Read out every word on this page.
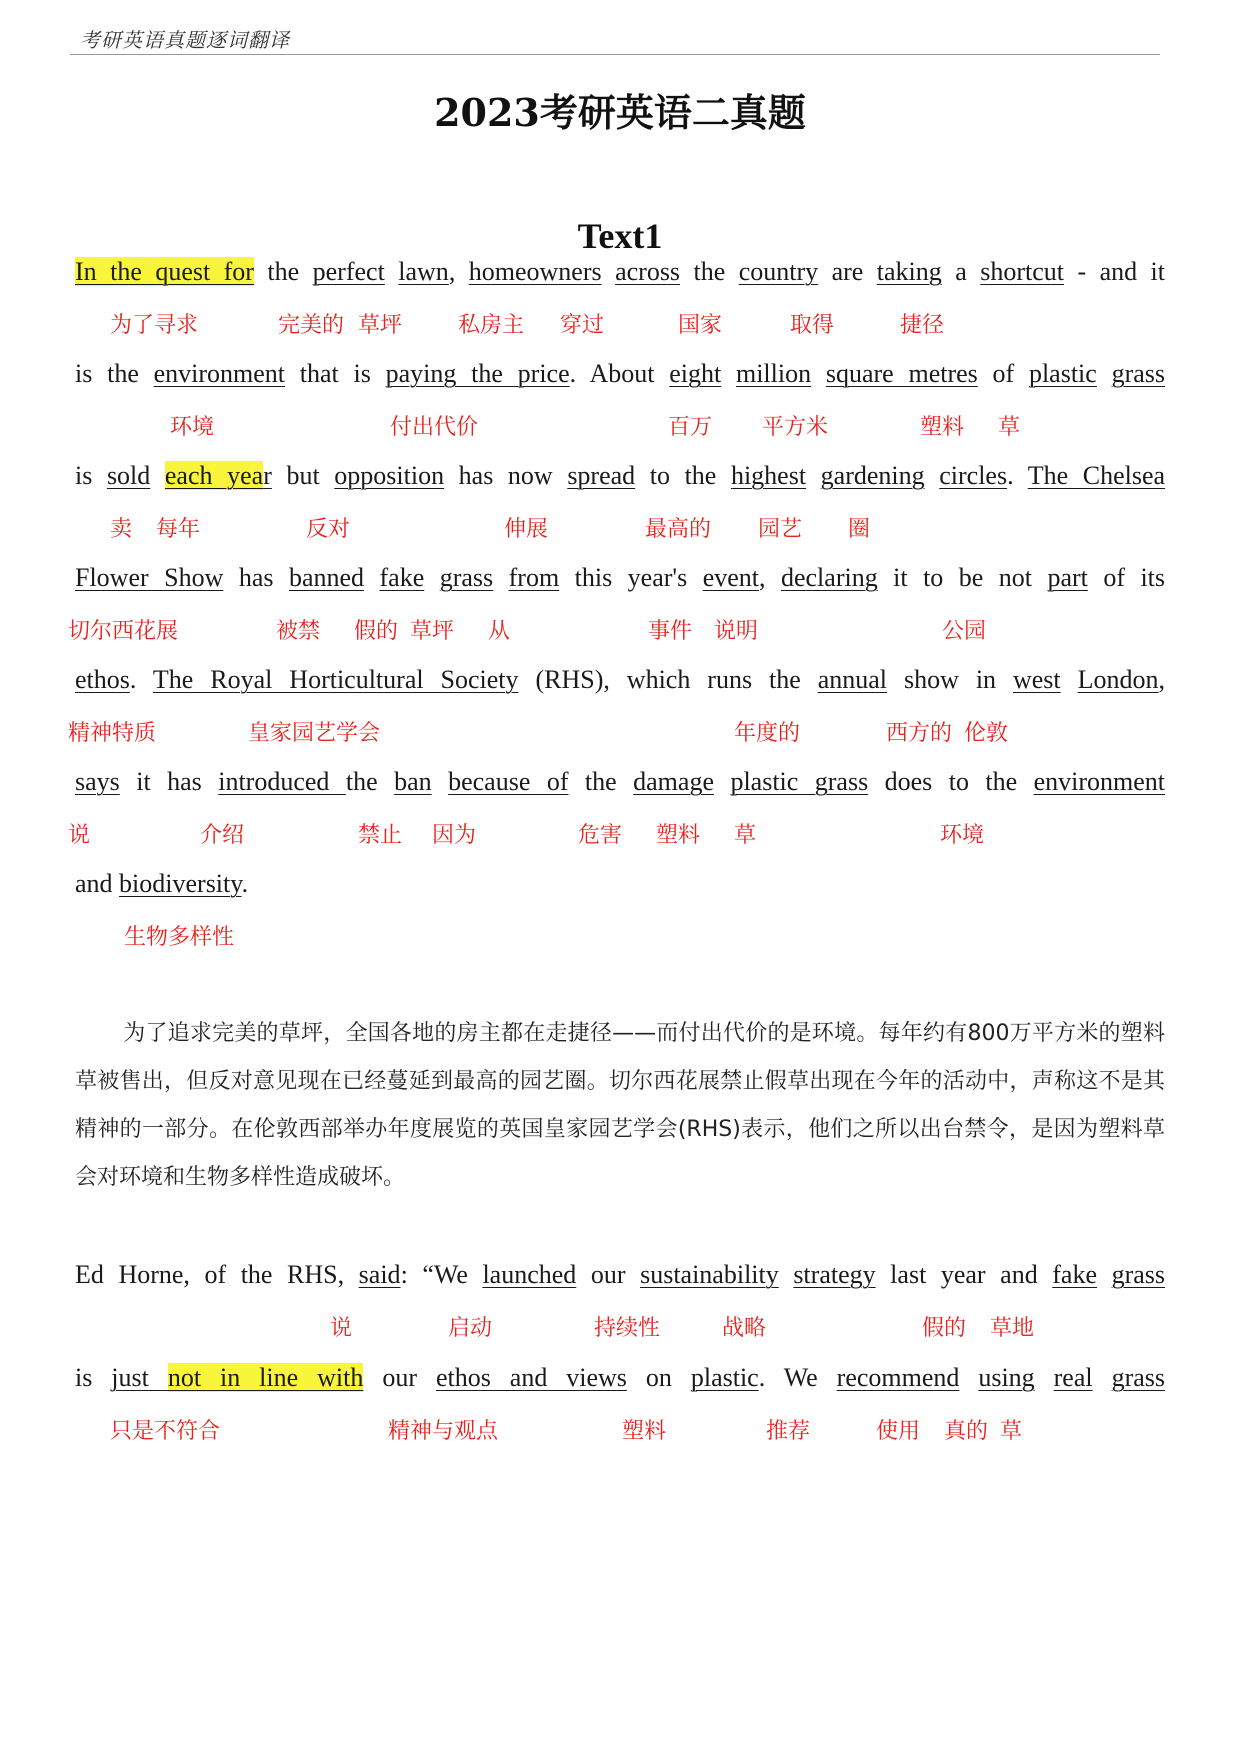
考研英语真题逐词翻译
2023考研英语二真题
Text1
In the quest for the perfect lawn, homeowners across the country are taking a shortcut - and it
is the environment that is paying the price. About eight million square metres of plastic grass
is sold each year but opposition has now spread to the highest gardening circles. The Chelsea
Flower Show has banned fake grass from this year's event, declaring it to be not part of its
ethos. The Royal Horticultural Society (RHS), which runs the annual show in west London,
says it has introduced the ban because of the damage plastic grass does to the environment
and biodiversity.
Ed Horne, of the RHS, said: “We launched our sustainability strategy last year and fake grass
is just not in line with our ethos and views on plastic. We recommend using real grass
为了寻求	完美的 草坪	私房主 穿过	国家	取得	捷径
环境	付出代价	百万 平方米	塑料 草
卖 每年	反对	伸展	最高的 园艺 圈
切尔西花展	被禁 假的 草坪 从	事件 说明	公园
精神特质	皇家园艺学会	年度的	西方的 伦敦
说	介绍	禁止 因为	危害 塑料 草	环境
生物多样性
说	启动	持续性	战略	假的 草地
只是不符合	精神与观点	塑料	推荐	使用 真的 草
为了追求完美的草坪，全国各地的房主都在走捷径——而付出代价的是环境。每年约有800万平方米的塑料草被售出，但反对意见现在已经蔓延到最高的园艺圈。切尔西花展禁止假草出现在今年的活动中，声称这不是其精神的一部分。在伦敦西部举办年度展览的英国皇家园艺学会(RHS)表示，他们之所以出台禁令，是因为塑料草会对环境和生物多样性造成破坏。
